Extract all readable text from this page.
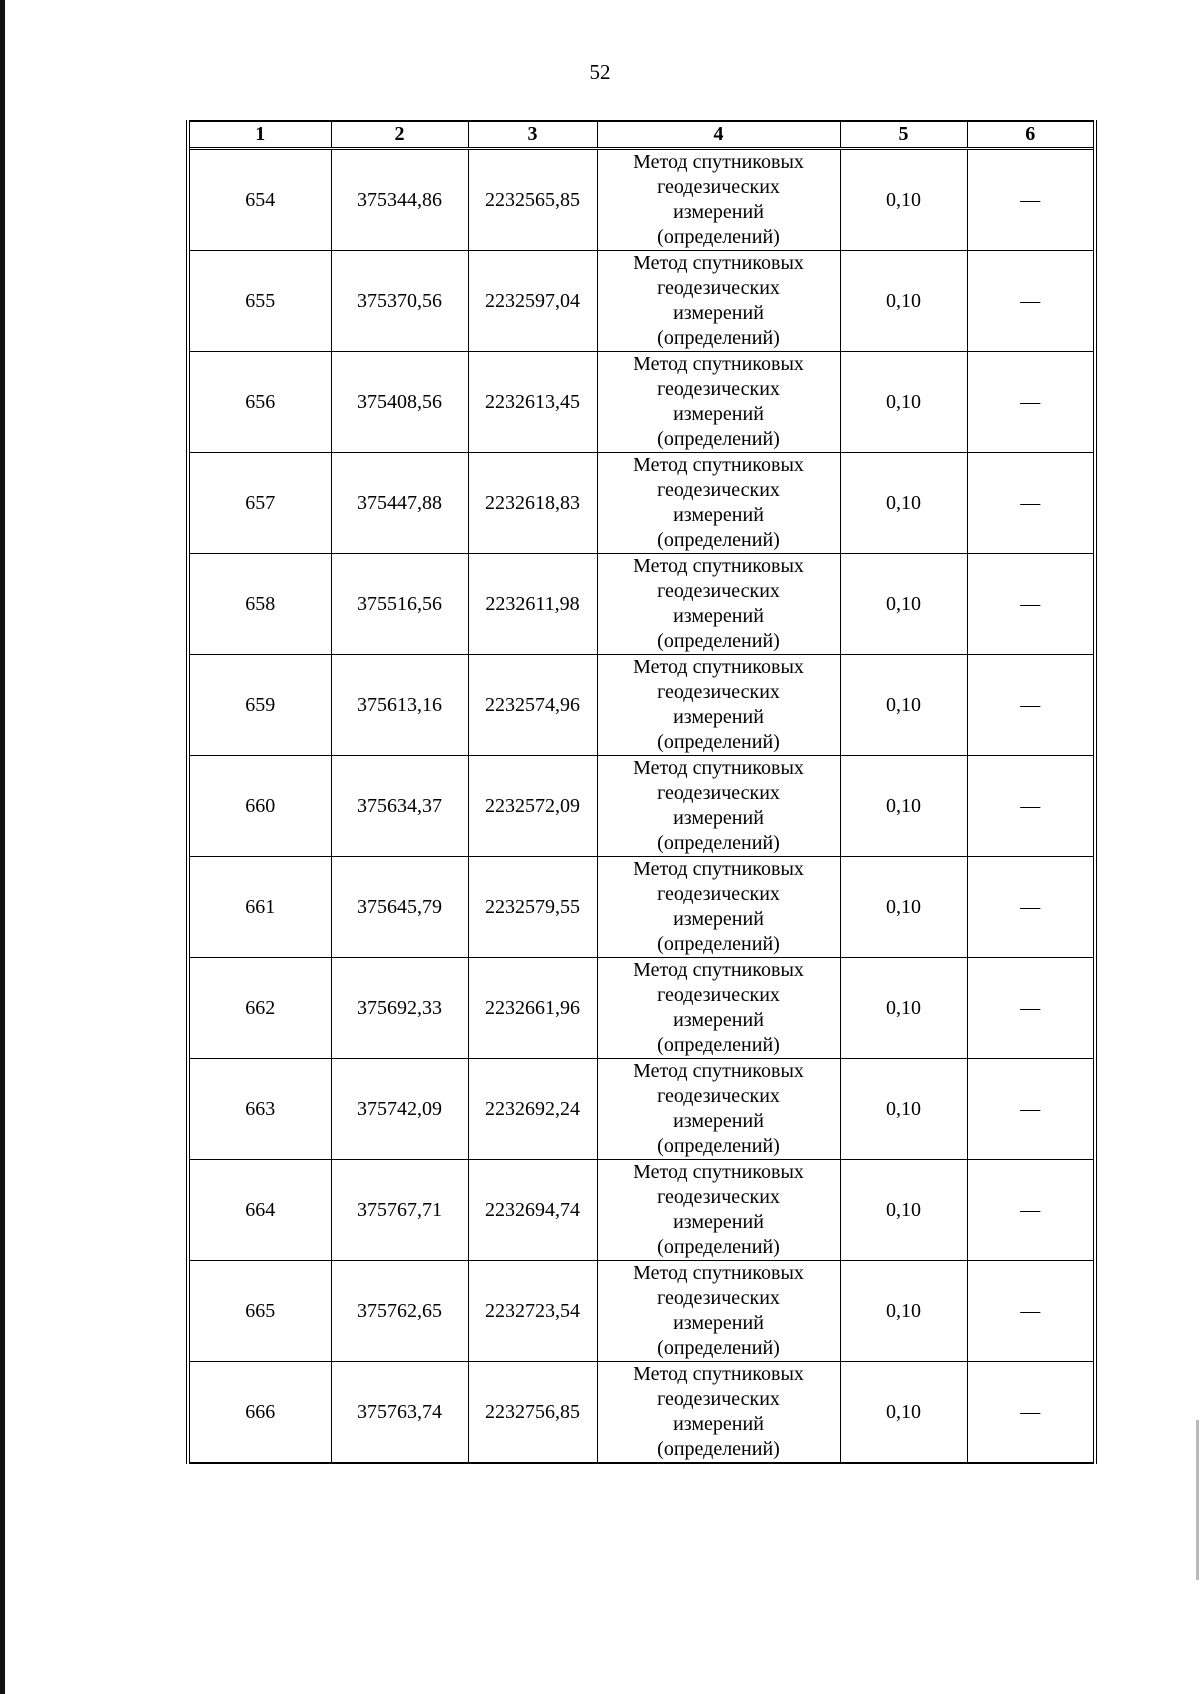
52
1	2	3	4	5	6
654	375344,86	2232565,85	Метод спутниковых
геодезических
измерений
(определений)	0,10	—
655	375370,56	2232597,04	Метод спутниковых
геодезических
измерений
(определений)	0,10	—
656	375408,56	2232613,45	Метод спутниковых
геодезических
измерений
(определений)	0,10	—
657	375447,88	2232618,83	Метод спутниковых
геодезических
измерений
(определений)	0,10	—
658	375516,56	2232611,98	Метод спутниковых
геодезических
измерений
(определений)	0,10	—
659	375613,16	2232574,96	Метод спутниковых
геодезических
измерений
(определений)	0,10	—
660	375634,37	2232572,09	Метод спутниковых
геодезических
измерений
(определений)	0,10	—
661	375645,79	2232579,55	Метод спутниковых
геодезических
измерений
(определений)	0,10	—
662	375692,33	2232661,96	Метод спутниковых
геодезических
измерений
(определений)	0,10	—
663	375742,09	2232692,24	Метод спутниковых
геодезических
измерений
(определений)	0,10	—
664	375767,71	2232694,74	Метод спутниковых
геодезических
измерений
(определений)	0,10	—
665	375762,65	2232723,54	Метод спутниковых
геодезических
измерений
(определений)	0,10	—
666	375763,74	2232756,85	Метод спутниковых
геодезических
измерений
(определений)	0,10	—
